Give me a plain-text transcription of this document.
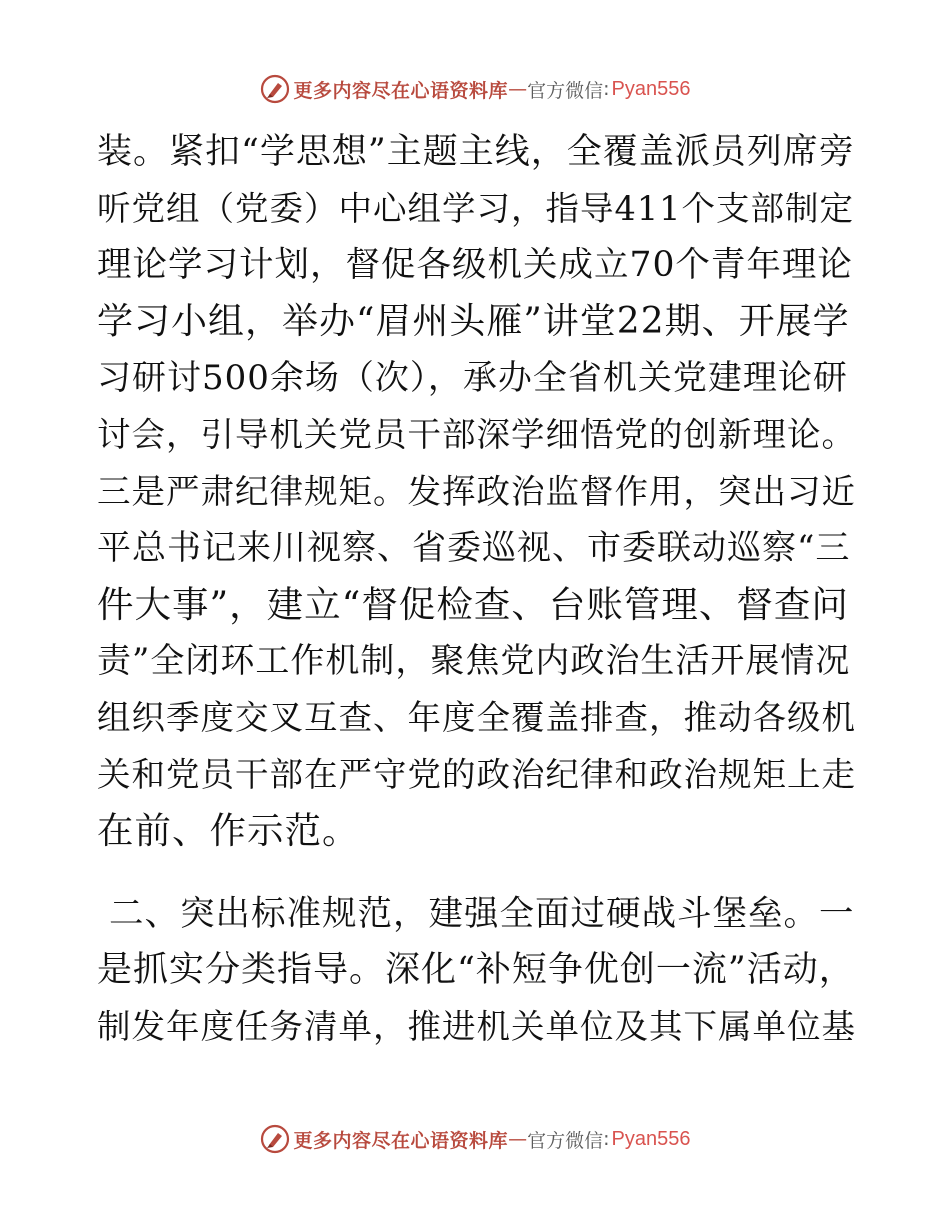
更多内容尽在心语资料库 — 官方微信 : Pyan556
装。紧扣“学思想”主题主线，全覆盖派员列席旁
听党组（党委）中心组学习，指导411个支部制定
理论学习计划，督促各级机关成立70个青年理论
学习小组，举办“眉州头雁”讲堂22期、开展学
习研讨500余场（次），承办全省机关党建理论研
讨会，引导机关党员干部深学细悟党的创新理论。
三是严肃纪律规矩。发挥政治监督作用，突出习近
平总书记来川视察、省委巡视、市委联动巡察“三
件大事”，建立“督促检查、台账管理、督查问
责”全闭环工作机制，聚焦党内政治生活开展情况
组织季度交叉互查、年度全覆盖排查，推动各级机
关和党员干部在严守党的政治纪律和政治规矩上走
在前、作示范。
二、突出标准规范，建强全面过硬战斗堡垒。一
是抓实分类指导。深化“补短争优创一流”活动，
制发年度任务清单，推进机关单位及其下属单位基
更多内容尽在心语资料库 — 官方微信 : Pyan556
